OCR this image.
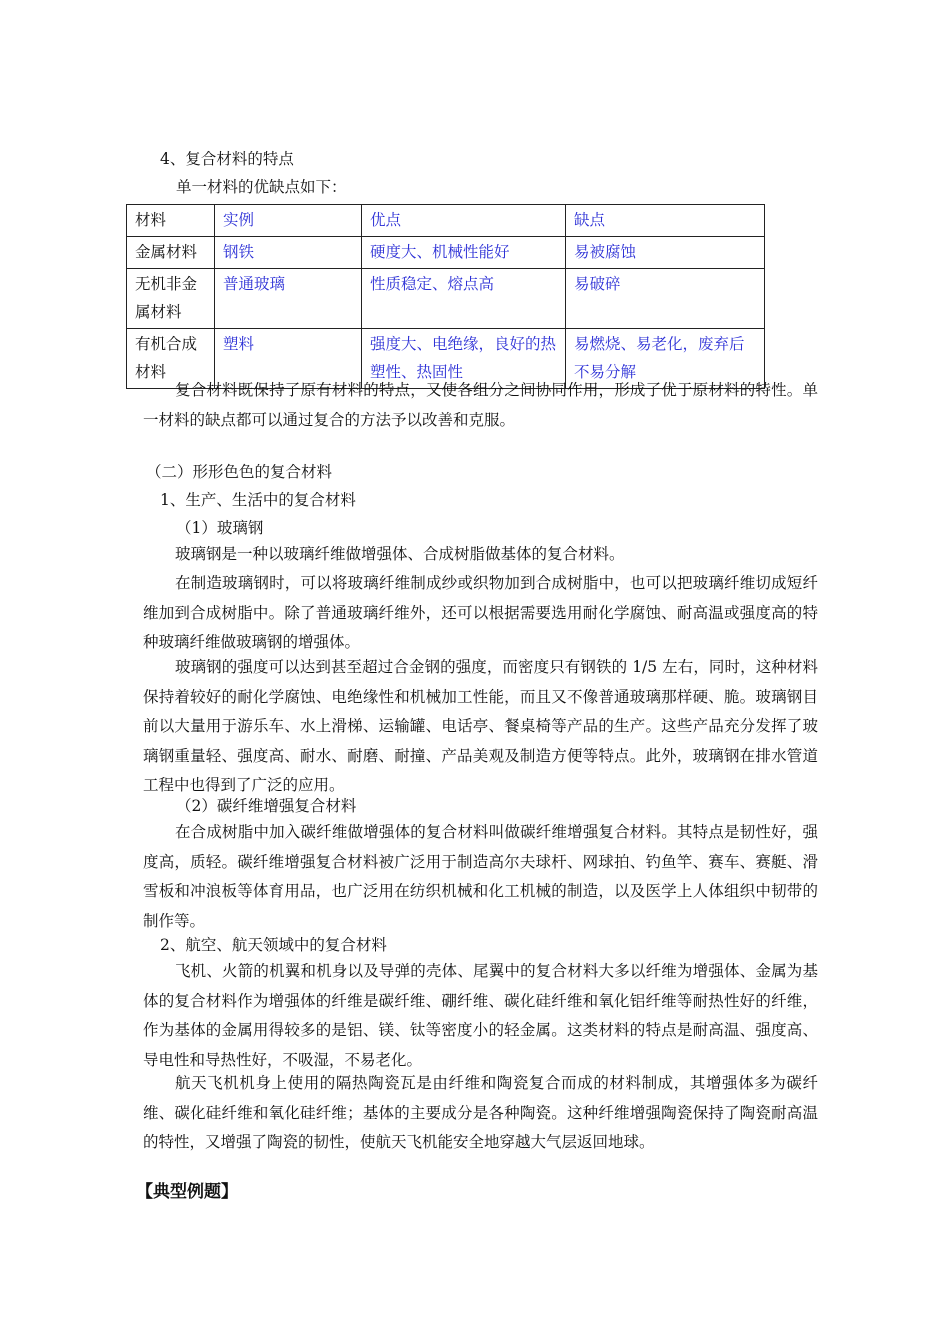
4、复合材料的特点
单一材料的优缺点如下：
材料	实例	优点	缺点
金属材料	钢铁	硬度大、机械性能好	易被腐蚀
无机非金属材料	普通玻璃	性质稳定、熔点高	易破碎
有机合成材料	塑料	强度大、电绝缘，良好的热塑性、热固性	易燃烧、易老化，废弃后不易分解
复合材料既保持了原有材料的特点，又使各组分之间协同作用，形成了优于原材料的特性。单一材料的缺点都可以通过复合的方法予以改善和克服。
（二）形形色色的复合材料
1、生产、生活中的复合材料
（1）玻璃钢
玻璃钢是一种以玻璃纤维做增强体、合成树脂做基体的复合材料。
在制造玻璃钢时，可以将玻璃纤维制成纱或织物加到合成树脂中，也可以把玻璃纤维切成短纤维加到合成树脂中。除了普通玻璃纤维外，还可以根据需要选用耐化学腐蚀、耐高温或强度高的特种玻璃纤维做玻璃钢的增强体。
玻璃钢的强度可以达到甚至超过合金钢的强度，而密度只有钢铁的 1/5 左右，同时，这种材料保持着较好的耐化学腐蚀、电绝缘性和机械加工性能，而且又不像普通玻璃那样硬、脆。玻璃钢目前以大量用于游乐车、水上滑梯、运输罐、电话亭、餐桌椅等产品的生产。这些产品充分发挥了玻璃钢重量轻、强度高、耐水、耐磨、耐撞、产品美观及制造方便等特点。此外，玻璃钢在排水管道工程中也得到了广泛的应用。
（2）碳纤维增强复合材料
在合成树脂中加入碳纤维做增强体的复合材料叫做碳纤维增强复合材料。其特点是韧性好，强度高，质轻。碳纤维增强复合材料被广泛用于制造高尔夫球杆、网球拍、钓鱼竿、赛车、赛艇、滑雪板和冲浪板等体育用品，也广泛用在纺织机械和化工机械的制造，以及医学上人体组织中韧带的制作等。
2、航空、航天领域中的复合材料
飞机、火箭的机翼和机身以及导弹的壳体、尾翼中的复合材料大多以纤维为增强体、金属为基体的复合材料作为增强体的纤维是碳纤维、硼纤维、碳化硅纤维和氧化铝纤维等耐热性好的纤维，作为基体的金属用得较多的是铝、镁、钛等密度小的轻金属。这类材料的特点是耐高温、强度高、导电性和导热性好，不吸湿，不易老化。
航天飞机机身上使用的隔热陶瓷瓦是由纤维和陶瓷复合而成的材料制成，其增强体多为碳纤维、碳化硅纤维和氧化硅纤维；基体的主要成分是各种陶瓷。这种纤维增强陶瓷保持了陶瓷耐高温的特性，又增强了陶瓷的韧性，使航天飞机能安全地穿越大气层返回地球。
【典型例题】
